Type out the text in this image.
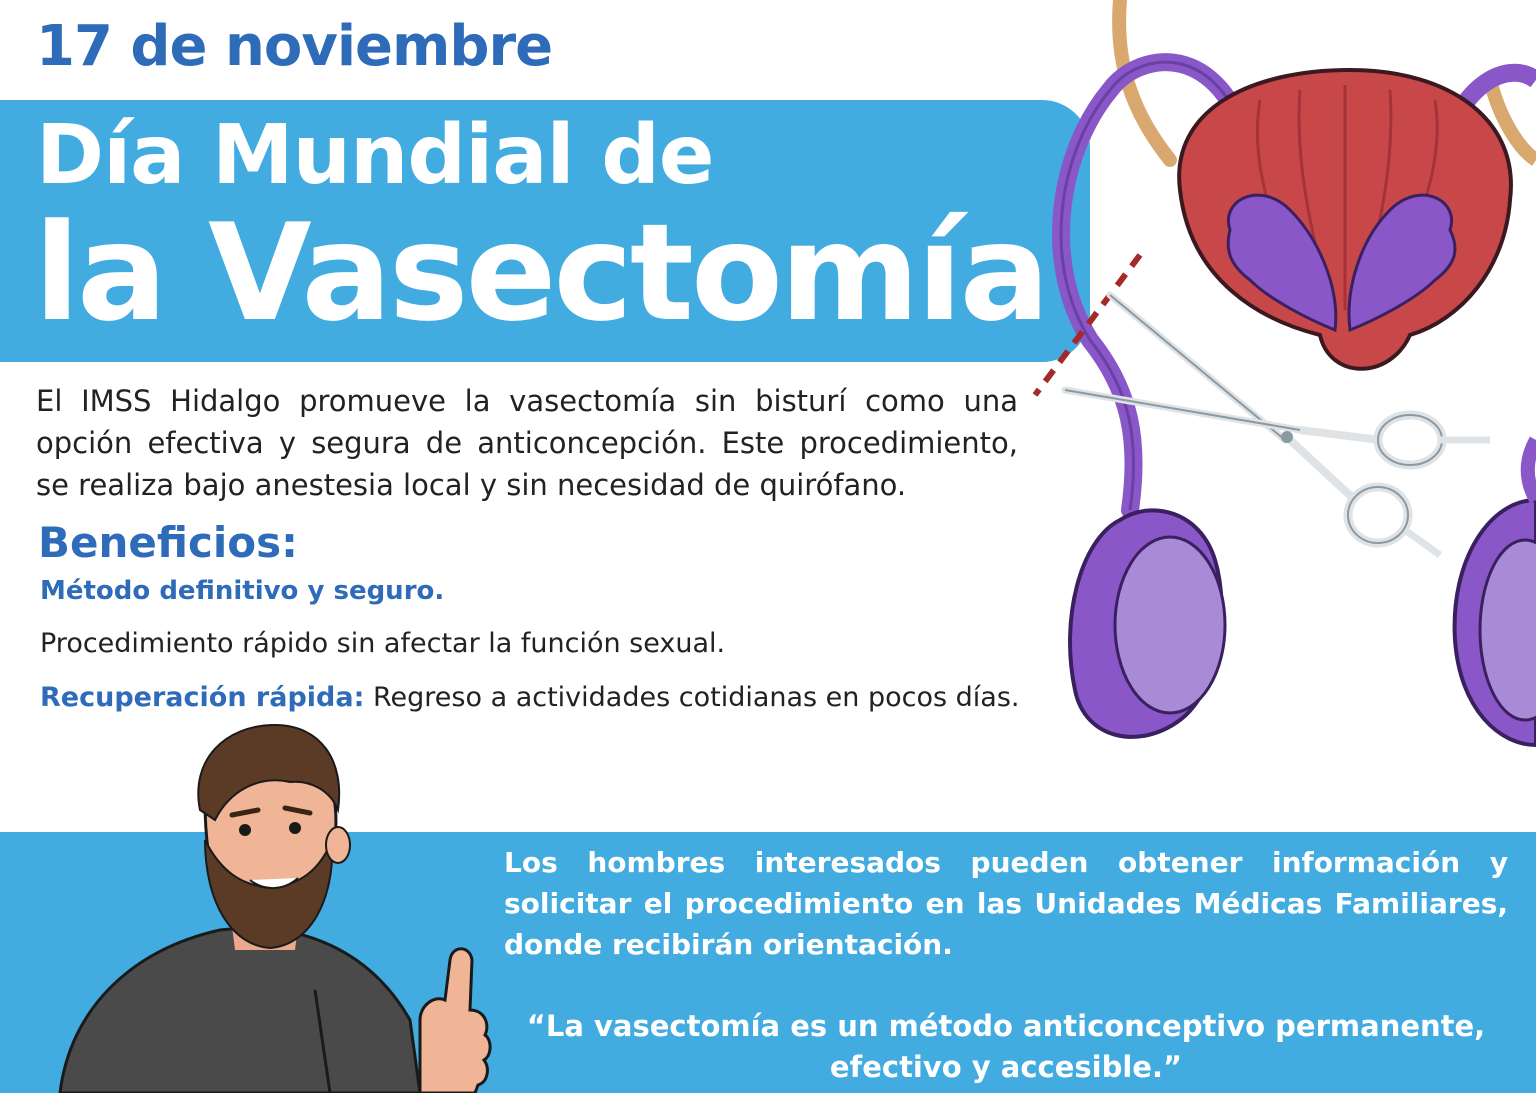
17 de noviembre
Día Mundial de
la Vasectomía
El IMSS Hidalgo promueve la vasectomía sin bisturí como una opción efectiva y segura de anticoncepción. Este procedimiento, se realiza bajo anestesia local y sin necesidad de quirófano.
Beneficios:
Método definitivo y seguro.
Procedimiento rápido sin afectar la función sexual.
Recuperación rápida: Regreso a actividades cotidianas en pocos días.
Los hombres interesados pueden obtener información y solicitar el procedimiento en las Unidades Médicas Familiares, donde recibirán orientación.
“La vasectomía es un método anticonceptivo permanente, efectivo y accesible.”
